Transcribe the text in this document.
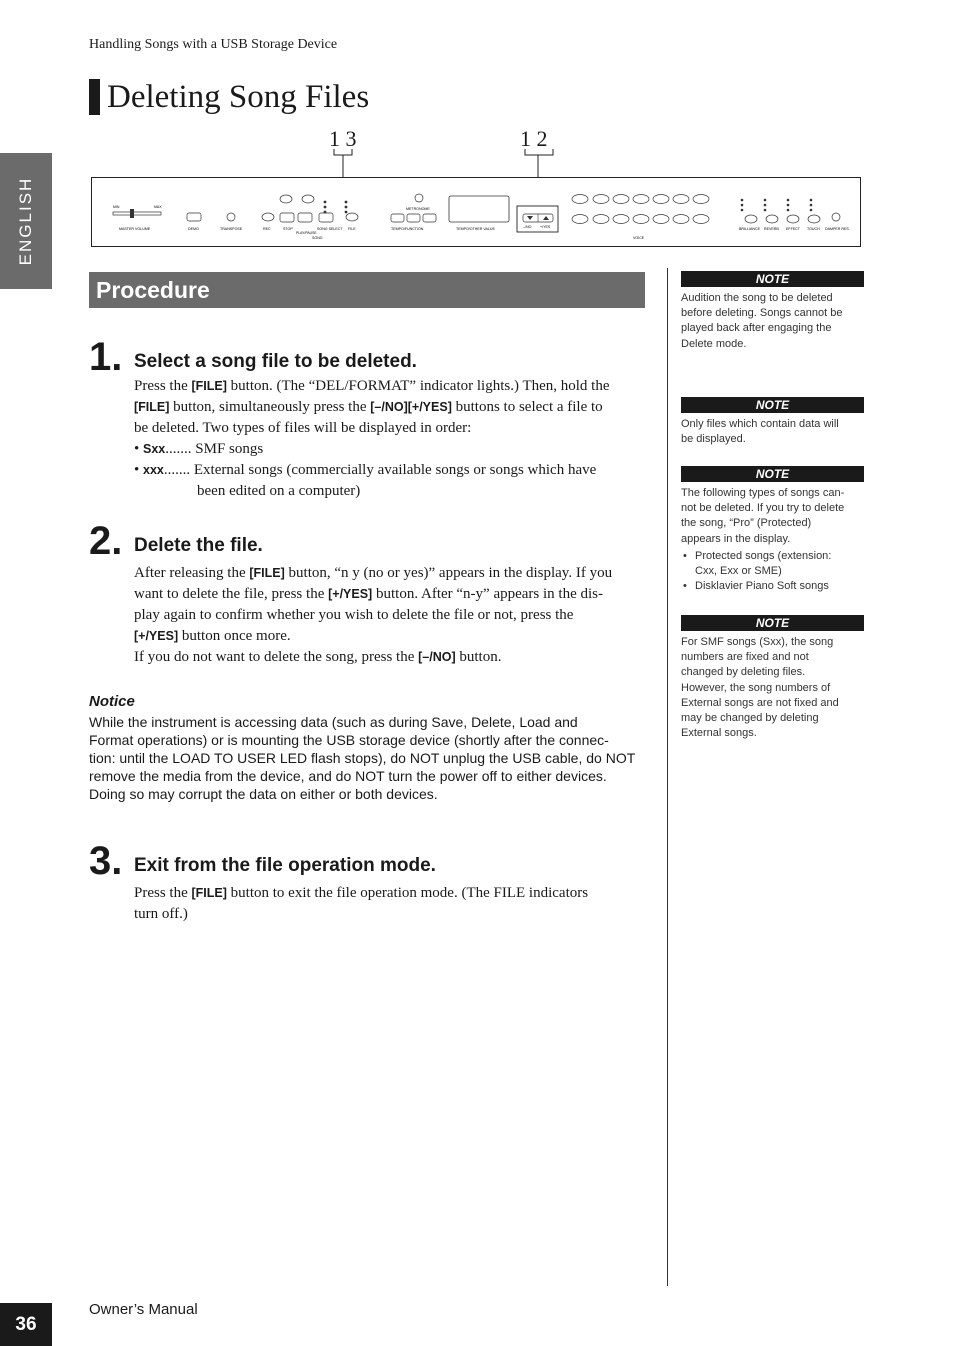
Handling Songs with a USB Storage Device
Deleting Song Files
ENGLISH
1 3	1 2
MIN	MAX
MASTER VOLUME	DEMO	TRANSPOSE	REC	STOP
PLAY/PAUSE
SONG SELECT FILE
SONG
METRONOME
TEMPO/FUNCTION	TEMPO/OTHER VALUE	–/NO +/YES
VOICE
BRILLIANCE REVERB EFFECT TOUCH DAMPER RES.
Procedure
1. Select a song file to be deleted.

Press the [FILE] button. (The “DEL/FORMAT” indicator lights.) Then, hold the

[FILE] button, simultaneously press the [–/NO][+/YES] buttons to select a file to

be deleted. Two types of files will be displayed in order:

• Sxx....... SMF songs

• xxx....... External songs (commercially available songs or songs which have

been edited on a computer)

2. Delete the file.

After releasing the [FILE] button, “n y (no or yes)” appears in the display. If you

want to delete the file, press the [+/YES] button. After “n-y” appears in the dis-

play again to confirm whether you wish to delete the file or not, press the

[+/YES] button once more.

If you do not want to delete the song, press the [–/NO] button.

Notice
While the instrument is accessing data (such as during Save, Delete, Load and
Format operations) or is mounting the USB storage device (shortly after the connec-
tion: until the LOAD TO USER LED flash stops), do NOT unplug the USB cable, do NOT
remove the media from the device, and do NOT turn the power off to either devices.
Doing so may corrupt the data on either or both devices.
3. Exit from the file operation mode.

Press the [FILE] button to exit the file operation mode. (The FILE indicators

turn off.)

NOTE
Audition the song to be deleted
before deleting. Songs cannot be
played back after engaging the
Delete mode.
NOTE
Only files which contain data will
be displayed.
NOTE
The following types of songs can-
not be deleted. If you try to delete
the song, “Pro” (Protected)
appears in the display.
• Protected songs (extension:
Cxx, Exx or SME)
• Disklavier Piano Soft songs
NOTE
For SMF songs (Sxx), the song
numbers are fixed and not
changed by deleting files.
However, the song numbers of
External songs are not fixed and
may be changed by deleting
External songs.
36
Owner’s Manual
